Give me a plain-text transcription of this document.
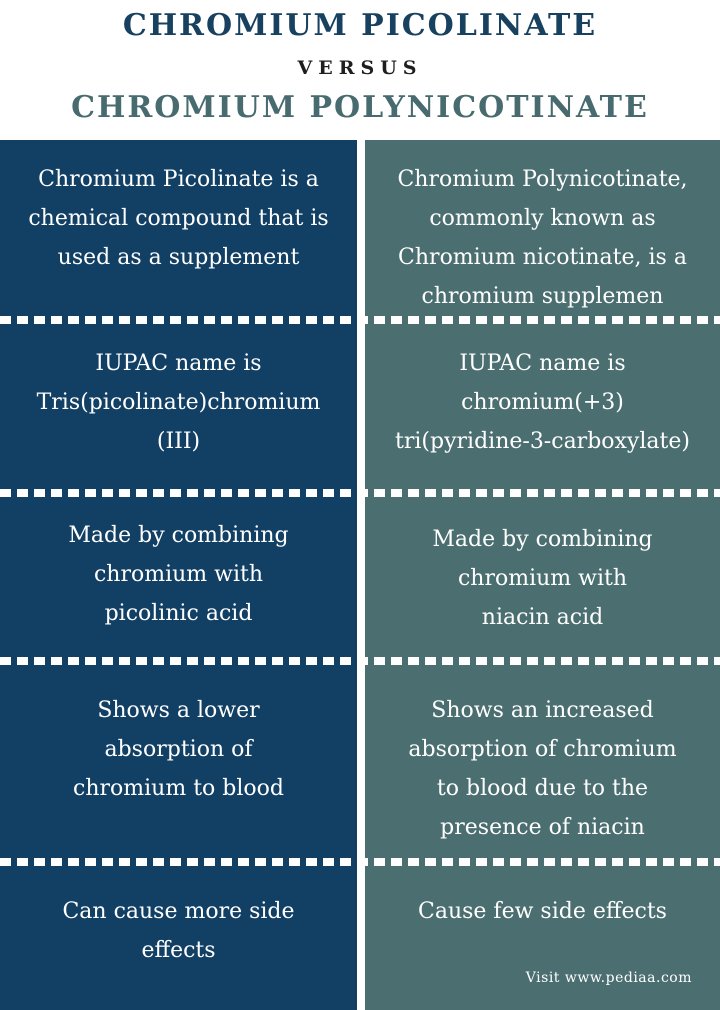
CHROMIUM PICOLINATE
VERSUS
CHROMIUM POLYNICOTINATE
Chromium Picolinate is a
chemical compound that is
used as a supplement
Chromium Polynicotinate,
commonly known as
Chromium nicotinate, is a
chromium supplemen
IUPAC name is
Tris(picolinate)chromium
(III)
IUPAC name is
chromium(+3)
tri(pyridine-3-carboxylate)
Made by combining
chromium with
picolinic acid
Made by combining
chromium with
niacin acid
Shows a lower
absorption of
chromium to blood
Shows an increased
absorption of chromium
to blood due to the
presence of niacin
Can cause more side
effects
Cause few side effects
Visit www.pediaa.com
